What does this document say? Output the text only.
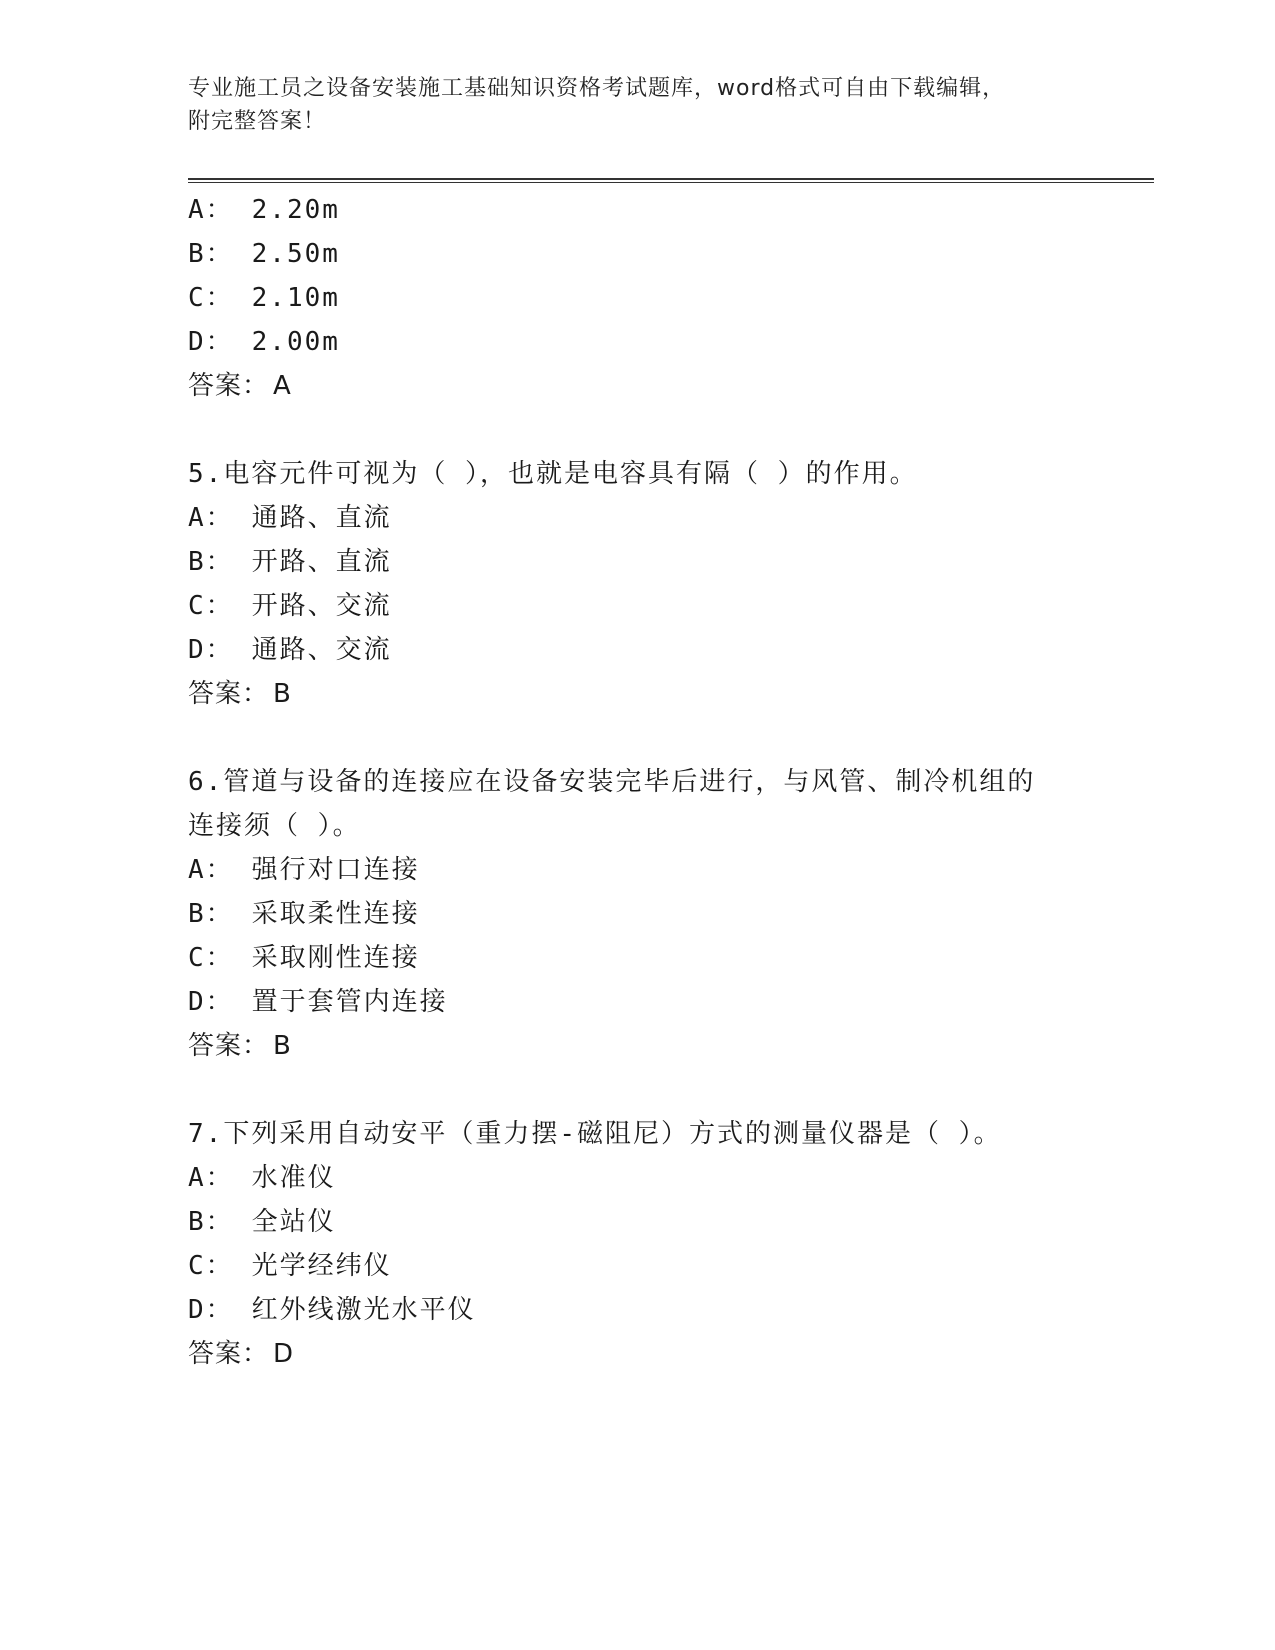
专业施工员之设备安装施工基础知识资格考试题库，word格式可自由下载编辑，
附完整答案！
A： 2.20m
B： 2.50m
C： 2.10m
D： 2.00m
答案： A
5.电容元件可视为（ ），也就是电容具有隔（ ）的作用。
A： 通路、直流
B： 开路、直流
C： 开路、交流
D： 通路、交流
答案： B
6.管道与设备的连接应在设备安装完毕后进行，与风管、制冷机组的
连接须（ ）。
A： 强行对口连接
B： 采取柔性连接
C： 采取刚性连接
D： 置于套管内连接
答案： B
7.下列采用自动安平（重力摆-磁阻尼）方式的测量仪器是（ ）。
A： 水准仪
B： 全站仪
C： 光学经纬仪
D： 红外线激光水平仪
答案： D
